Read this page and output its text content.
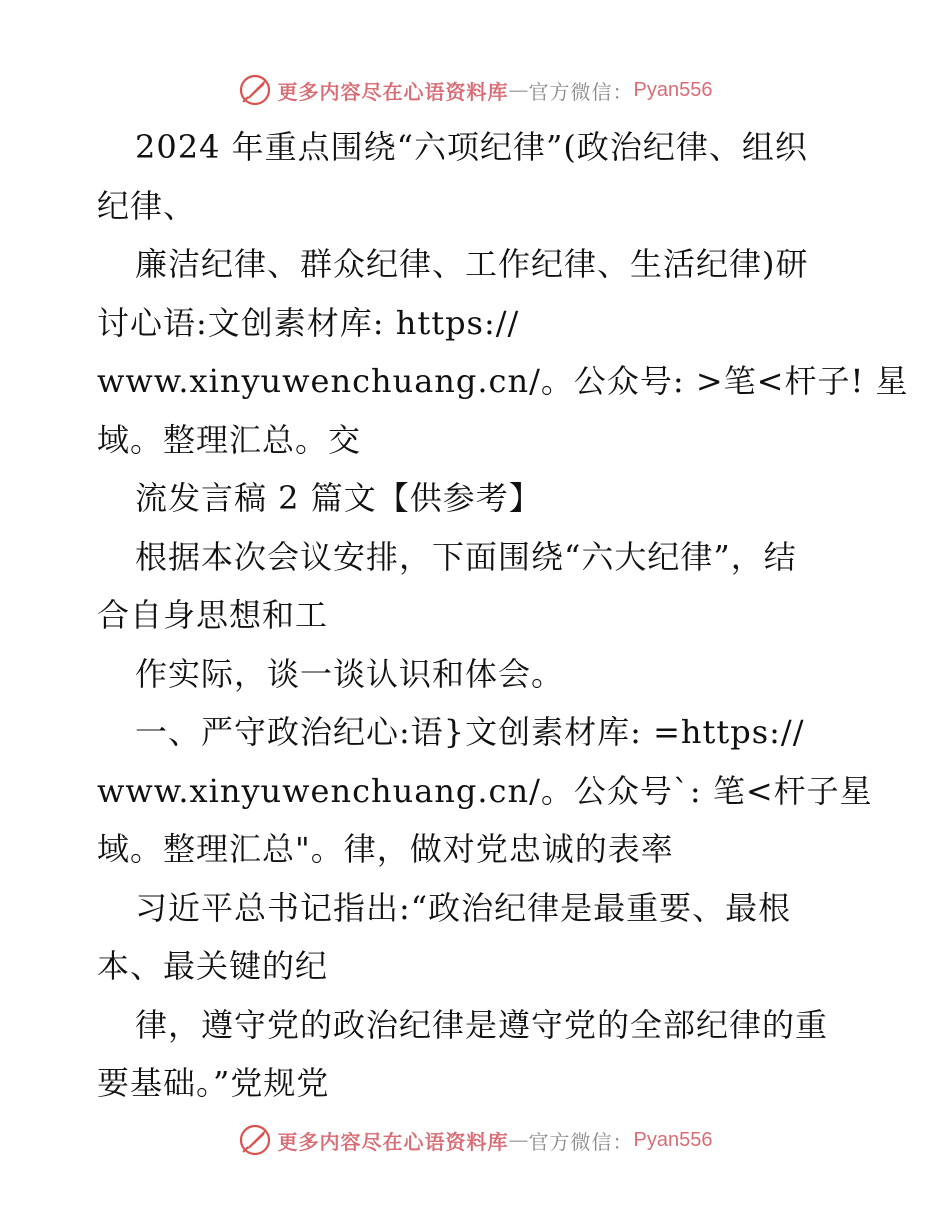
更多内容尽在心语资料库 — 官方微信： Pyan556
2024 年重点围绕“六项纪律”(政治纪律、组织
纪律、
廉洁纪律、群众纪律、工作纪律、生活纪律)研
讨心语:文创素材库: https://
www.xinyuwenchuang.cn/。公众号: >笔<杆子! 星
域。整理汇总。交
流发言稿 2 篇文【供参考】
根据本次会议安排，下面围绕“六大纪律”，结
合自身思想和工
作实际，谈一谈认识和体会。
一、严守政治纪心:语}文创素材库: =https://
www.xinyuwenchuang.cn/。公众号`: 笔<杆子星
域。整理汇总"。律，做对党忠诚的表率
习近平总书记指出:“政治纪律是最重要、最根
本、最关键的纪
律，遵守党的政治纪律是遵守党的全部纪律的重
要基础。”党规党
更多内容尽在心语资料库 — 官方微信： Pyan556
